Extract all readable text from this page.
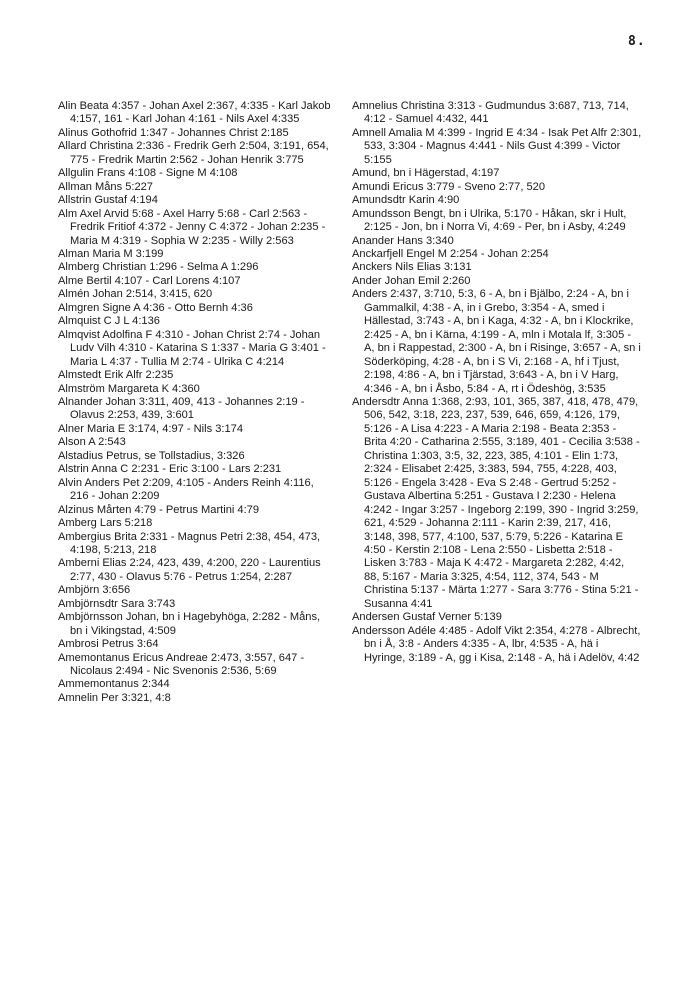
8.
Alin Beata 4:357 - Johan Axel 2:367, 4:335 - Karl Jakob 4:157, 161 - Karl Johan 4:161 - Nils Axel 4:335
Alinus Gothofrid 1:347 - Johannes Christ 2:185
Allard Christina 2:336 - Fredrik Gerh 2:504, 3:191, 654, 775 - Fredrik Martin 2:562 - Johan Henrik 3:775
Allgulin Frans 4:108 - Signe M 4:108
Allman Måns 5:227
Allstrin Gustaf 4:194
Alm Axel Arvid 5:68 - Axel Harry 5:68 - Carl 2:563 - Fredrik Fritiof 4:372 - Jenny C 4:372 - Johan 2:235 - Maria M 4:319 - Sophia W 2:235 - Willy 2:563
Alman Maria M 3:199
Almberg Christian 1:296 - Selma A 1:296
Alme Bertil 4:107 - Carl Lorens 4:107
Almén Johan 2:514, 3:415, 620
Almgren Signe A 4:36 - Otto Bernh 4:36
Almquist C J L 4:136
Almqvist Adolfina F 4:310 - Johan Christ 2:74 - Johan Ludv Vilh 4:310 - Katarina S 1:337 - Maria G 3:401 - Maria L 4:37 - Tullia M 2:74 - Ulrika C 4:214
Almstedt Erik Alfr 2:235
Almström Margareta K 4:360
Alnander Johan 3:311, 409, 413 - Johannes 2:19 - Olavus 2:253, 439, 3:601
Alner Maria E 3:174, 4:97 - Nils 3:174
Alson A 2:543
Alstadius Petrus, se Tollstadius, 3:326
Alstrin Anna C 2:231 - Eric 3:100 - Lars 2:231
Alvin Anders Pet 2:209, 4:105 - Anders Reinh 4:116, 216 - Johan 2:209
Alzinus Mårten 4:79 - Petrus Martini 4:79
Amberg Lars 5:218
Ambergius Brita 2:331 - Magnus Petri 2:38, 454, 473, 4:198, 5:213, 218
Amberni Elias 2:24, 423, 439, 4:200, 220 - Laurentius 2:77, 430 - Olavus 5:76 - Petrus 1:254, 2:287
Ambjörn 3:656
Ambjörnsdtr Sara 3:743
Ambjörnsson Johan, bn i Hagebyhöga, 2:282 - Måns, bn i Vikingstad, 4:509
Ambrosi Petrus 3:64
Amemontanus Ericus Andreae 2:473, 3:557, 647 - Nicolaus 2:494 - Nic Svenonis 2:536, 5:69
Ammemontanus 2:344
Amnelin Per 3:321, 4:8
Amnelius Christina 3:313 - Gudmundus 3:687, 713, 714, 4:12 - Samuel 4:432, 441
Amnell Amalia M 4:399 - Ingrid E 4:34 - Isak Pet Alfr 2:301, 533, 3:304 - Magnus 4:441 - Nils Gust 4:399 - Victor 5:155
Amund, bn i Hägerstad, 4:197
Amundi Ericus 3:779 - Sveno 2:77, 520
Amundsdtr Karin 4:90
Amundsson Bengt, bn i Ulrika, 5:170 - Håkan, skr i Hult, 2:125 - Jon, bn i Norra Vi, 4:69 - Per, bn i Asby, 4:249
Anander Hans 3:340
Anckarfjell Engel M 2:254 - Johan 2:254
Anckers Nils Elias 3:131
Ander Johan Emil 2:260
Anders 2:437, 3:710, 5:3, 6 - A, bn i Bjälbo, 2:24 - A, bn i Gammalkil, 4:38 - A, in i Grebo, 3:354 - A, smed i Hällestad, 3:743 - A, bn i Kaga, 4:32 - A, bn i Klockrike, 2:425 - A, bn i Kärna, 4:199 - A, mln i Motala lf, 3:305 - A, bn i Rappestad, 2:300 - A, bn i Risinge, 3:657 - A, sn i Söderköping, 4:28 - A, bn i S Vi, 2:168 - A, hf i Tjust, 2:198, 4:86 - A, bn i Tjärstad, 3:643 - A, bn i V Harg, 4:346 - A, bn i Åsbo, 5:84 - A, rt i Ödeshög, 3:535
Andersdtr Anna 1:368, 2:93, 101, 365, 387, 418, 478, 479, 506, 542, 3:18, 223, 237, 539, 646, 659, 4:126, 179, 5:126 - A Lisa 4:223 - A Maria 2:198 - Beata 2:353 - Brita 4:20 - Catharina 2:555, 3:189, 401 - Cecilia 3:538 - Christina 1:303, 3:5, 32, 223, 385, 4:101 - Elin 1:73, 2:324 - Elisabet 2:425, 3:383, 594, 755, 4:228, 403, 5:126 - Engela 3:428 - Eva S 2:48 - Gertrud 5:252 - Gustava Albertina 5:251 - Gustava I 2:230 - Helena 4:242 - Ingar 3:257 - Ingeborg 2:199, 390 - Ingrid 3:259, 621, 4:529 - Johanna 2:111 - Karin 2:39, 217, 416, 3:148, 398, 577, 4:100, 537, 5:79, 5:226 - Katarina E 4:50 - Kerstin 2:108 - Lena 2:550 - Lisbetta 2:518 - Lisken 3:783 - Maja K 4:472 - Margareta 2:282, 4:42, 88, 5:167 - Maria 3:325, 4:54, 112, 374, 543 - M Christina 5:137 - Märta 1:277 - Sara 3:776 - Stina 5:21 - Susanna 4:41
Andersen Gustaf Verner 5:139
Andersson Adéle 4:485 - Adolf Vikt 2:354, 4:278 - Albrecht, bn i Å, 3:8 - Anders 4:335 - A, lbr, 4:535 - A, hä i Hyringe, 3:189 - A, gg i Kisa, 2:148 - A, hä i Adelöv, 4:42
